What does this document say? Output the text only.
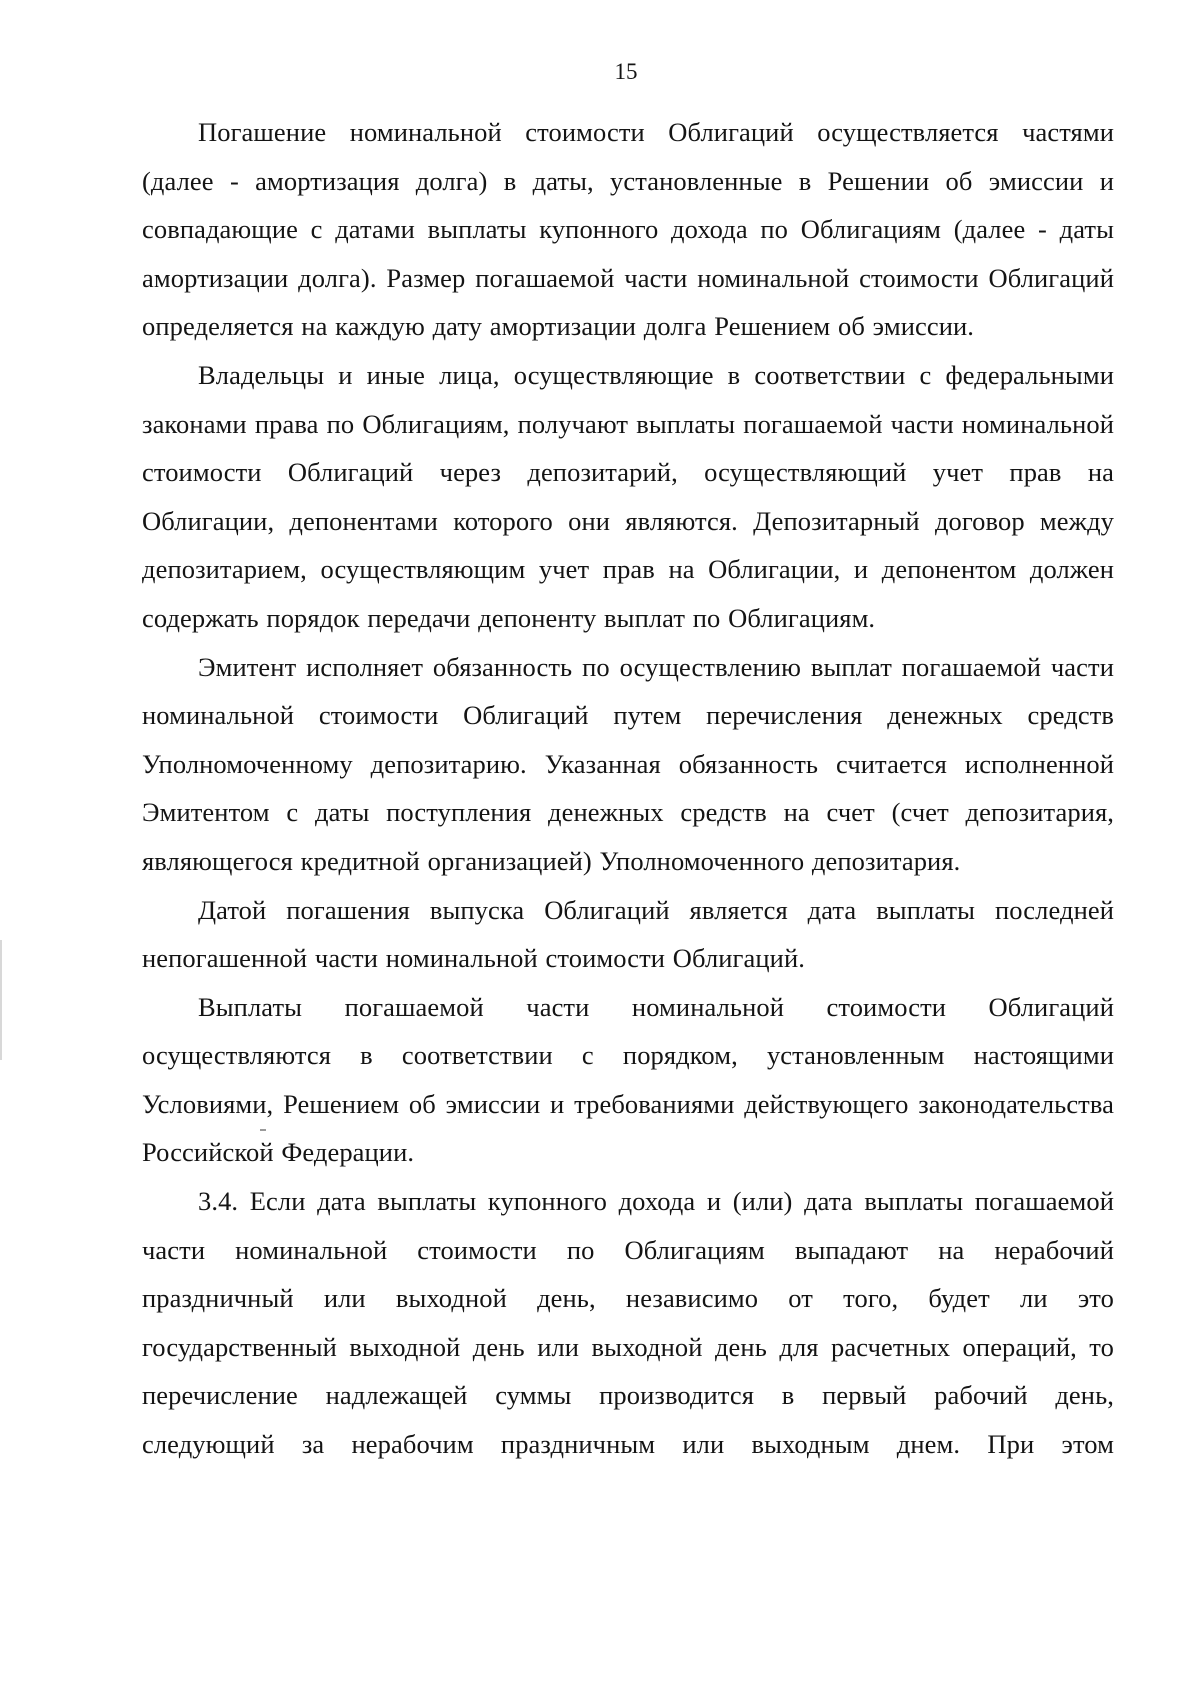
15

Погашение номинальной стоимости Облигаций осуществляется частями (далее - амортизация долга) в даты, установленные в Решении об эмиссии и совпадающие с датами выплаты купонного дохода по Облигациям (далее - даты амортизации долга). Размер погашаемой части номинальной стоимости Облигаций определяется на каждую дату амортизации долга Решением об эмиссии.

Владельцы и иные лица, осуществляющие в соответствии с федеральными законами права по Облигациям, получают выплаты погашаемой части номинальной стоимости Облигаций через депозитарий, осуществляющий учет прав на Облигации, депонентами которого они являются. Депозитарный договор между депозитарием, осуществляющим учет прав на Облигации, и депонентом должен содержать порядок передачи депоненту выплат по Облигациям.

Эмитент исполняет обязанность по осуществлению выплат погашаемой части номинальной стоимости Облигаций путем перечисления денежных средств Уполномоченному депозитарию. Указанная обязанность считается исполненной Эмитентом с даты поступления денежных средств на счет (счет депозитария, являющегося кредитной организацией) Уполномоченного депозитария.

Датой погашения выпуска Облигаций является дата выплаты последней непогашенной части номинальной стоимости Облигаций.

Выплаты погашаемой части номинальной стоимости Облигаций осуществляются в соответствии с порядком, установленным настоящими Условиями, Решением об эмиссии и требованиями действующего законодательства Российской Федерации.

3.4. Если дата выплаты купонного дохода и (или) дата выплаты погашаемой части номинальной стоимости по Облигациям выпадают на нерабочий праздничный или выходной день, независимо от того, будет ли это государственный выходной день или выходной день для расчетных операций, то перечисление надлежащей суммы производится в первый рабочий день, следующий за нерабочим праздничным или выходным днем. При этом
